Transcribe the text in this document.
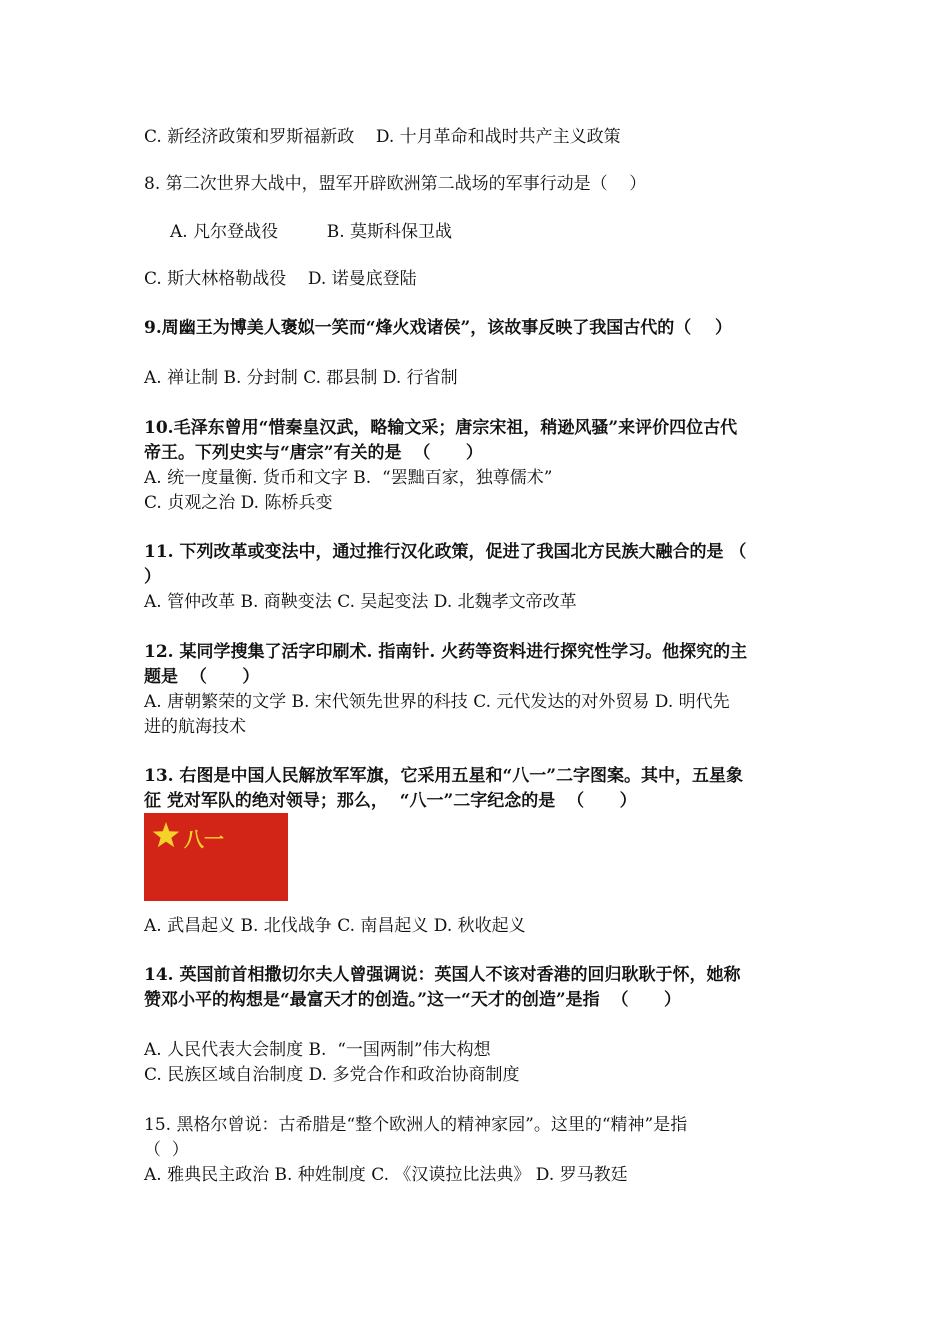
C. 新经济政策和罗斯福新政    D. 十月革命和战时共产主义政策
8. 第二次世界大战中，盟军开辟欧洲第二战场的军事行动是（    ）
A. 凡尔登战役         B. 莫斯科保卫战
C. 斯大林格勒战役    D. 诺曼底登陆
9.周幽王为博美人褒姒一笑而“烽火戏诸侯”，该故事反映了我国古代的（    ）
A. 禅让制 B. 分封制 C. 郡县制 D. 行省制
10.毛泽东曾用“惜秦皇汉武，略输文采；唐宗宋祖，稍逊风骚”来评价四位古代
帝王。下列史实与“唐宗”有关的是  （      ）
A. 统一度量衡. 货币和文字 B.  “罢黜百家，独尊儒术”
C. 贞观之治 D. 陈桥兵变
11. 下列改革或变法中，通过推行汉化政策，促进了我国北方民族大融合的是 （
）
A. 管仲改革 B. 商鞅变法 C. 吴起变法 D. 北魏孝文帝改革
12. 某同学搜集了活字印刷术. 指南针. 火药等资料进行探究性学习。他探究的主
题是  （      ）
A. 唐朝繁荣的文学 B. 宋代领先世界的科技 C. 元代发达的对外贸易 D. 明代先
进的航海技术
13. 右图是中国人民解放军军旗，它采用五星和“八一”二字图案。其中，五星象
征 党对军队的绝对领导；那么，  “八一”二字纪念的是  （      ）
八一
A. 武昌起义 B. 北伐战争 C. 南昌起义 D. 秋收起义
14. 英国前首相撒切尔夫人曾强调说：英国人不该对香港的回归耿耿于怀，她称
赞邓小平的构想是“最富天才的创造。”这一“天才的创造”是指  （      ）
A. 人民代表大会制度 B.  “一国两制”伟大构想
C. 民族区域自治制度 D. 多党合作和政治协商制度
15. 黑格尔曾说：古希腊是“整个欧洲人的精神家园”。这里的“精神”是指
（  ）
A. 雅典民主政治 B. 种姓制度 C. 《汉谟拉比法典》 D. 罗马教廷
